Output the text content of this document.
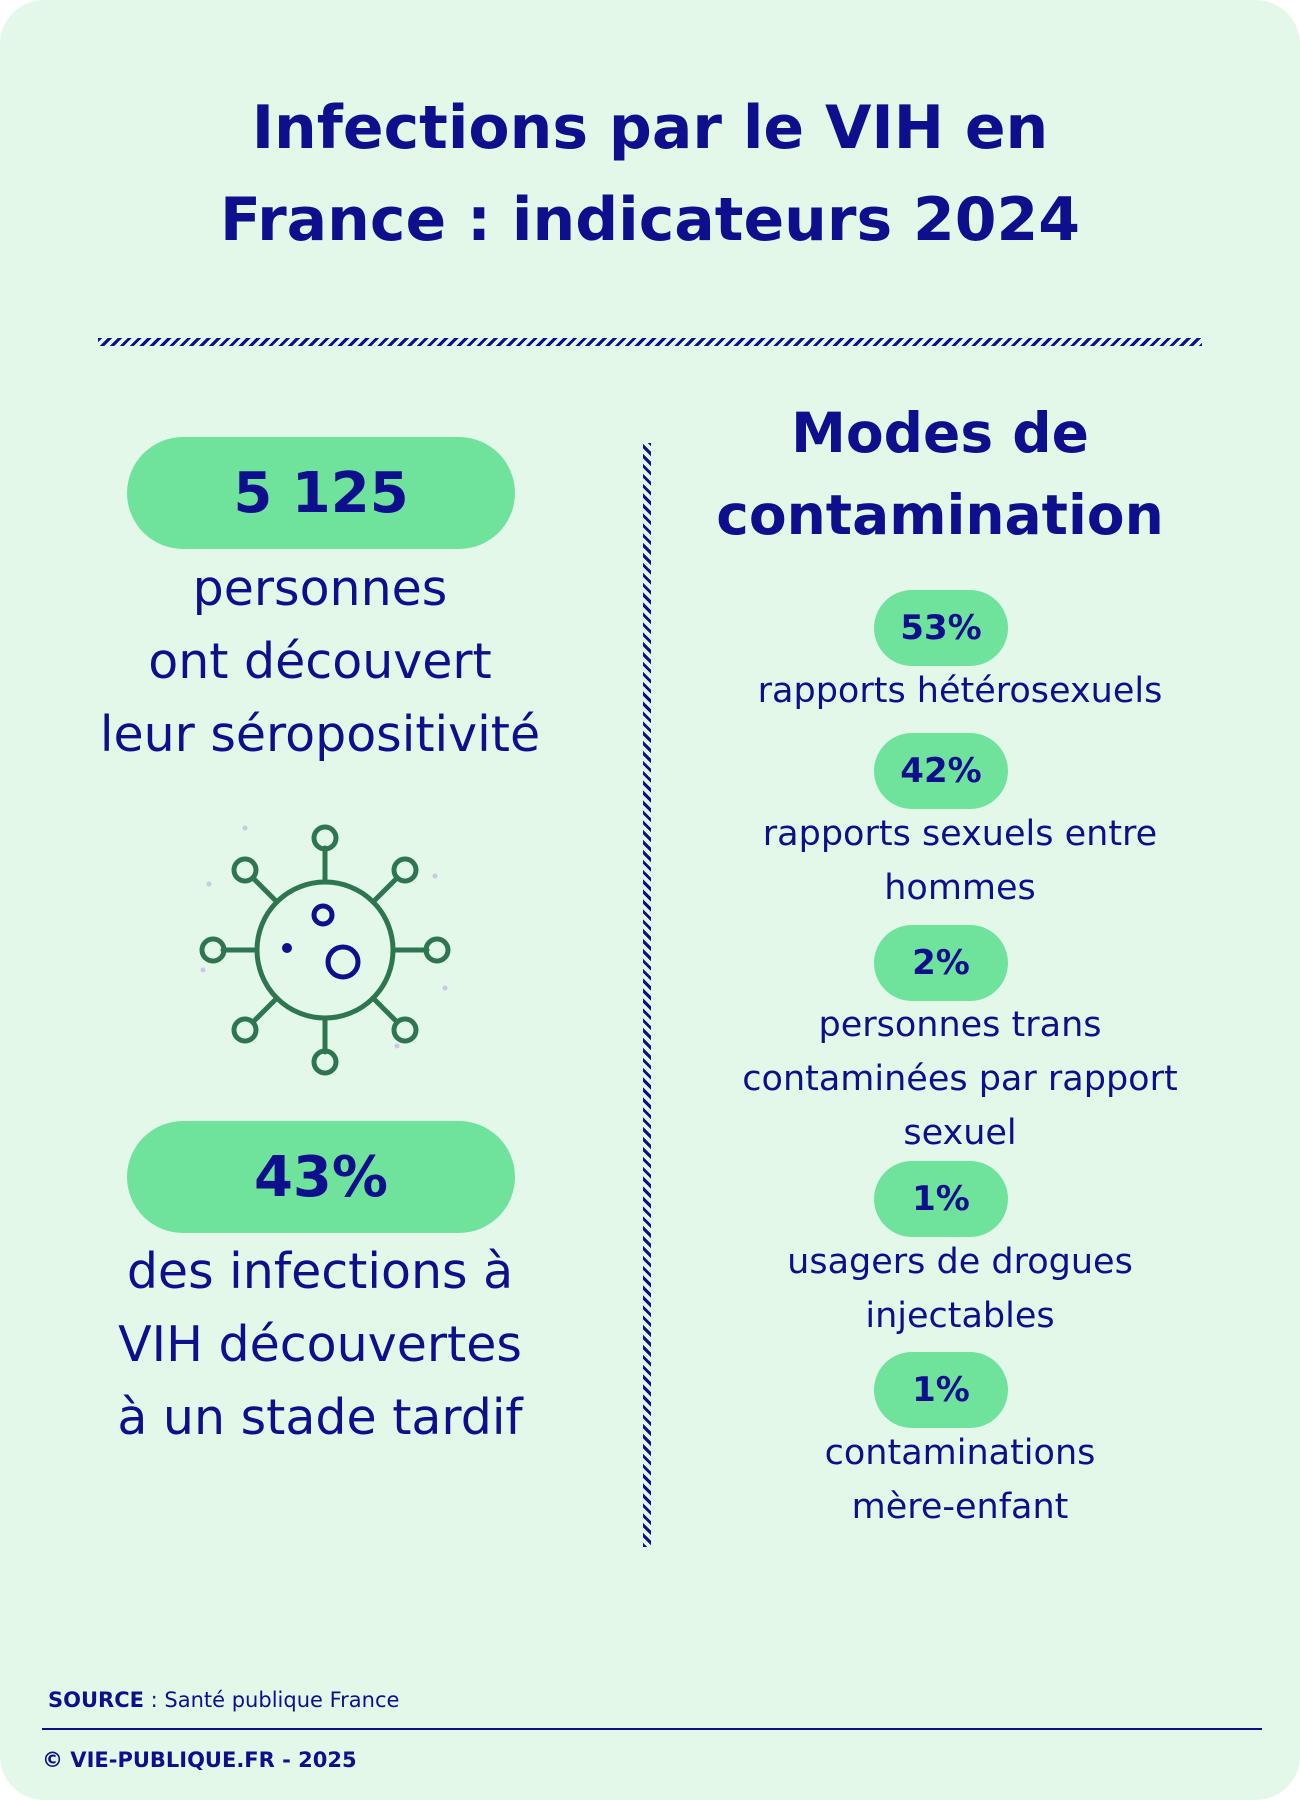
Infections par le VIH en
France : indicateurs 2024
5 125

personnes
ont découvert
leur séropositivité

43%

des infections à
VIH découvertes
à un stade tardif

Modes de
contamination
53%

rapports hétérosexuels

42%

rapports sexuels entre
hommes

2%

personnes trans
contaminées par rapport
sexuel

1%

usagers de drogues
injectables

1%

contaminations
mère-enfant

SOURCE : Santé publique France
© VIE-PUBLIQUE.FR - 2025
